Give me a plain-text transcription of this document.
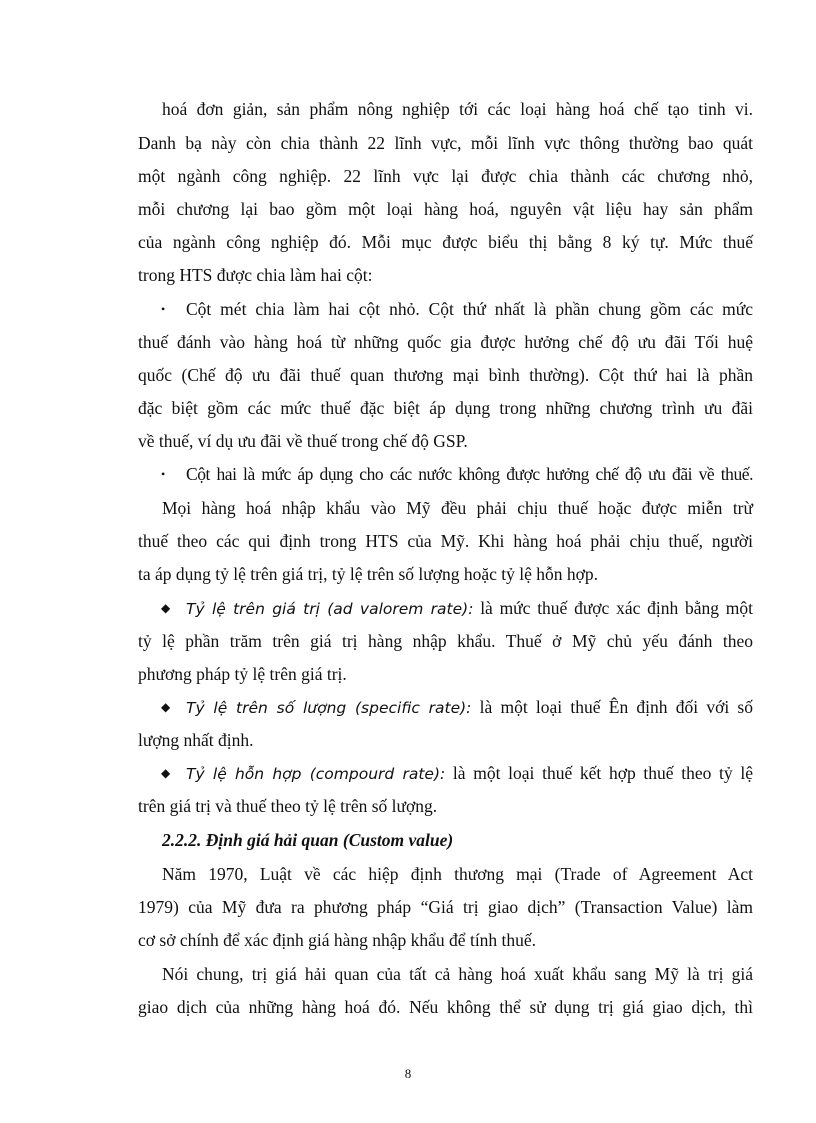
hoá đơn giản, sản phẩm nông nghiệp tới các loại hàng hoá chế tạo tinh vi.
Danh bạ này còn chia thành 22 lĩnh vực, mỗi lĩnh vực thông thường bao quát
một ngành công nghiệp. 22 lĩnh vực lại được chia thành các chương nhỏ,
mỗi chương lại bao gồm một loại hàng hoá, nguyên vật liệu hay sản phẩm
của ngành công nghiệp đó. Mỗi mục được biểu thị bằng 8 ký tự. Mức thuế
trong HTS được chia làm hai cột:
• Cột mét chia làm hai cột nhỏ. Cột thứ nhất là phần chung gồm các mức
thuế đánh vào hàng hoá từ những quốc gia được hưởng chế độ ưu đãi Tối huệ
quốc (Chế độ ưu đãi thuế quan thương mại bình thường). Cột thứ hai là phần
đặc biệt gồm các mức thuế đặc biệt áp dụng trong những chương trình ưu đãi
về thuế, ví dụ ưu đãi về thuế trong chế độ GSP.
• Cột hai là mức áp dụng cho các nước không được hưởng chế độ ưu đãi về thuế.
Mọi hàng hoá nhập khẩu vào Mỹ đều phải chịu thuế hoặc được miễn trừ
thuế theo các qui định trong HTS của Mỹ. Khi hàng hoá phải chịu thuế, người
ta áp dụng tỷ lệ trên giá trị, tỷ lệ trên số lượng hoặc tỷ lệ hỗn hợp.
◆ Tỷ lệ trên giá trị (ad valorem rate): là mức thuế được xác định bằng một
tỷ lệ phần trăm trên giá trị hàng nhập khẩu. Thuế ở Mỹ chủ yếu đánh theo
phương pháp tỷ lệ trên giá trị.
◆ Tỷ lệ trên số lượng (specific rate): là một loại thuế Ên định đối với số
lượng nhất định.
◆ Tỷ lệ hỗn hợp (compourd rate): là một loại thuế kết hợp thuế theo tỷ lệ
trên giá trị và thuế theo tỷ lệ trên số lượng.
2.2.2. Định giá hải quan (Custom value)
Năm 1970, Luật về các hiệp định thương mại (Trade of Agreement Act
1979) của Mỹ đưa ra phương pháp “Giá trị giao dịch” (Transaction Value) làm
cơ sở chính để xác định giá hàng nhập khẩu để tính thuế.
Nói chung, trị giá hải quan của tất cả hàng hoá xuất khẩu sang Mỹ là trị giá
giao dịch của những hàng hoá đó. Nếu không thể sử dụng trị giá giao dịch, thì
8
